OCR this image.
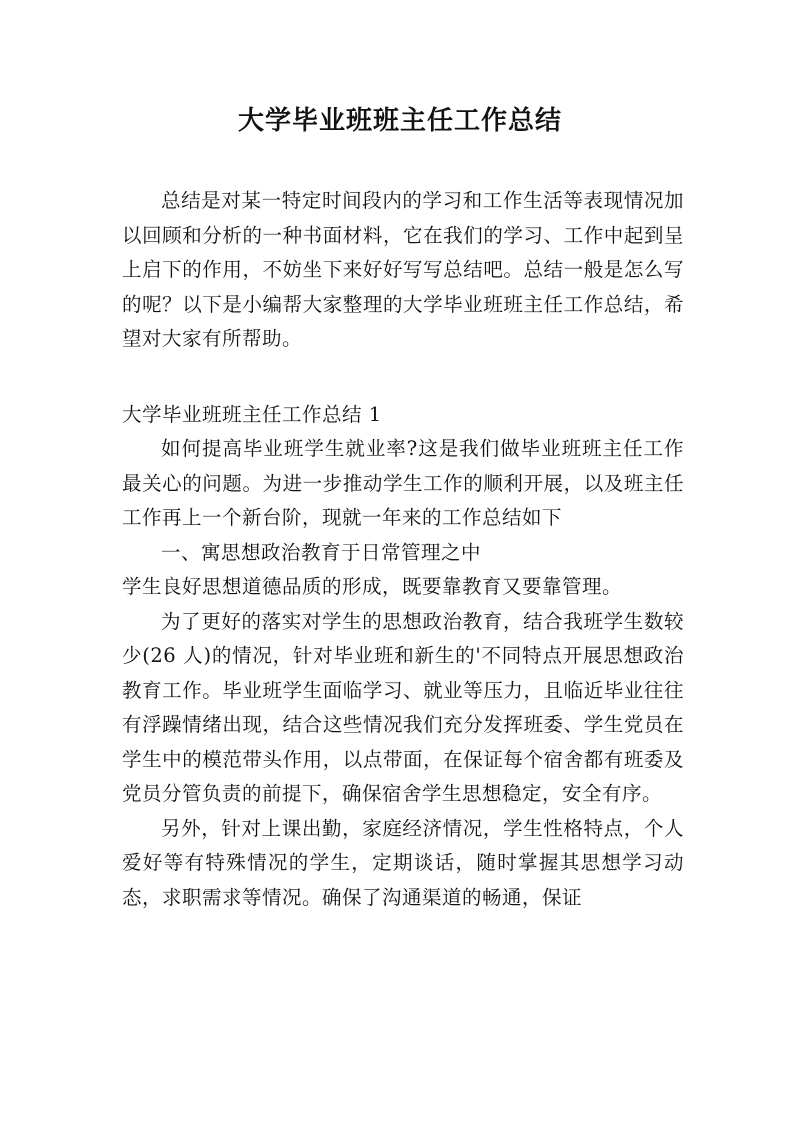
大学毕业班班主任工作总结

总结是对某一特定时间段内的学习和工作生活等表现情况加以回顾和分析的一种书面材料，它在我们的学习、工作中起到呈上启下的作用，不妨坐下来好好写写总结吧。总结一般是怎么写的呢？以下是小编帮大家整理的大学毕业班班主任工作总结，希望对大家有所帮助。

大学毕业班班主任工作总结 1

如何提高毕业班学生就业率?这是我们做毕业班班主任工作最关心的问题。为进一步推动学生工作的顺利开展，以及班主任工作再上一个新台阶，现就一年来的工作总结如下

一、寓思想政治教育于日常管理之中

学生良好思想道德品质的形成，既要靠教育又要靠管理。

为了更好的落实对学生的思想政治教育，结合我班学生数较少(26 人)的情况，针对毕业班和新生的'不同特点开展思想政治教育工作。毕业班学生面临学习、就业等压力，且临近毕业往往有浮躁情绪出现，结合这些情况我们充分发挥班委、学生党员在学生中的模范带头作用，以点带面，在保证每个宿舍都有班委及党员分管负责的前提下，确保宿舍学生思想稳定，安全有序。

另外，针对上课出勤，家庭经济情况，学生性格特点，个人爱好等有特殊情况的学生，定期谈话，随时掌握其思想学习动态，求职需求等情况。确保了沟通渠道的畅通，保证
